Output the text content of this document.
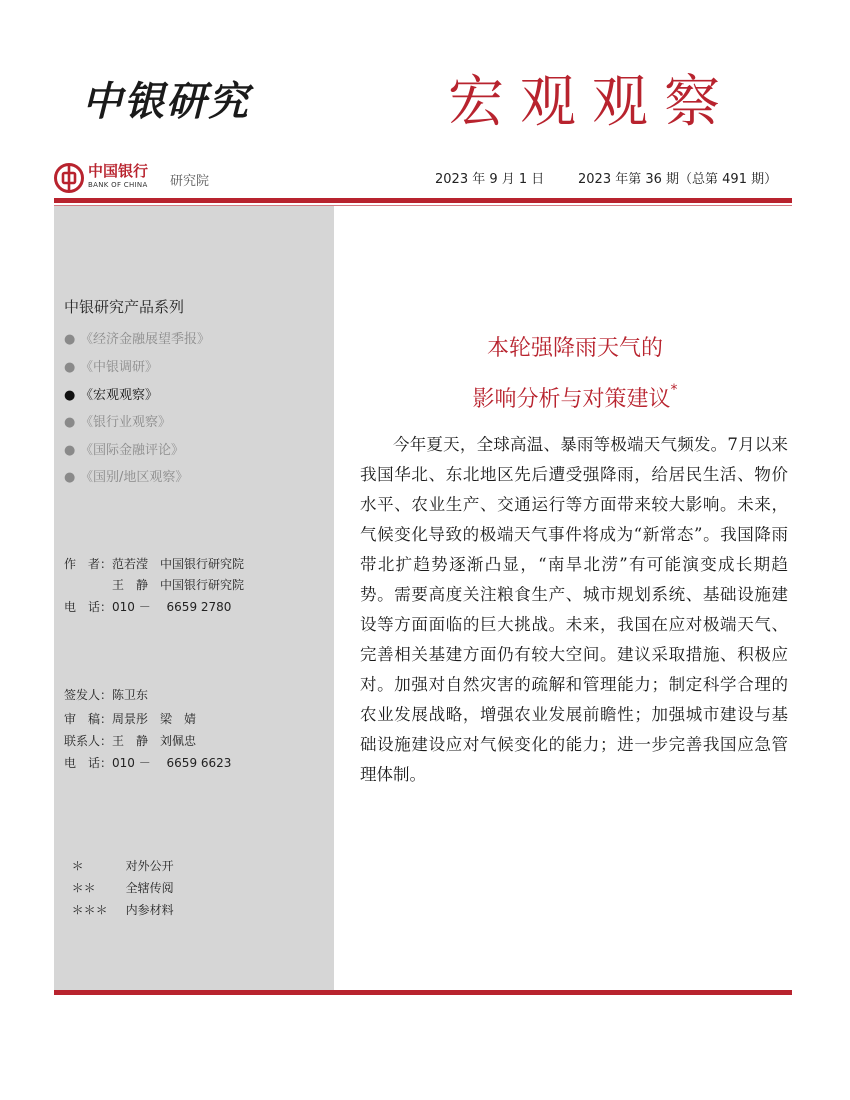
中银研究	宏观观察
中国银行
BANK OF CHINA 研究院	2023 年 9 月 1 日	2023 年第 36 期（总第 491 期）
中银研究产品系列
● 《经济金融展望季报》
● 《中银调研》
● 《宏观观察》
● 《银行业观察》
● 《国际金融评论》
● 《国别/地区观察》
作　者：范若滢　中国银行研究院
　　　　王　静　中国银行研究院
电　话：010 －　 6659 2780
签发人：陈卫东
审　稿：周景彤　梁　婧
联系人：王　静　刘佩忠
电　话：010 －　 6659 6623

＊	对外公开

＊＊ 全辖传阅

＊＊＊ 内参材料

本轮强降雨天气的
影响分析与对策建议*
今年夏天，全球高温、暴雨等极端天气频发。7月以来我国华北、东北地区先后遭受强降雨，给居民生活、物价水平、农业生产、交通运行等方面带来较大影响。未来，气候变化导致的极端天气事件将成为“新常态”。我国降雨带北扩趋势逐渐凸显，“南旱北涝”有可能演变成长期趋势。需要高度关注粮食生产、城市规划系统、基础设施建设等方面面临的巨大挑战。未来，我国在应对极端天气、完善相关基建方面仍有较大空间。建议采取措施、积极应对。加强对自然灾害的疏解和管理能力；制定科学合理的农业发展战略，增强农业发展前瞻性；加强城市建设与基础设施建设应对气候变化的能力；进一步完善我国应急管理体制。
